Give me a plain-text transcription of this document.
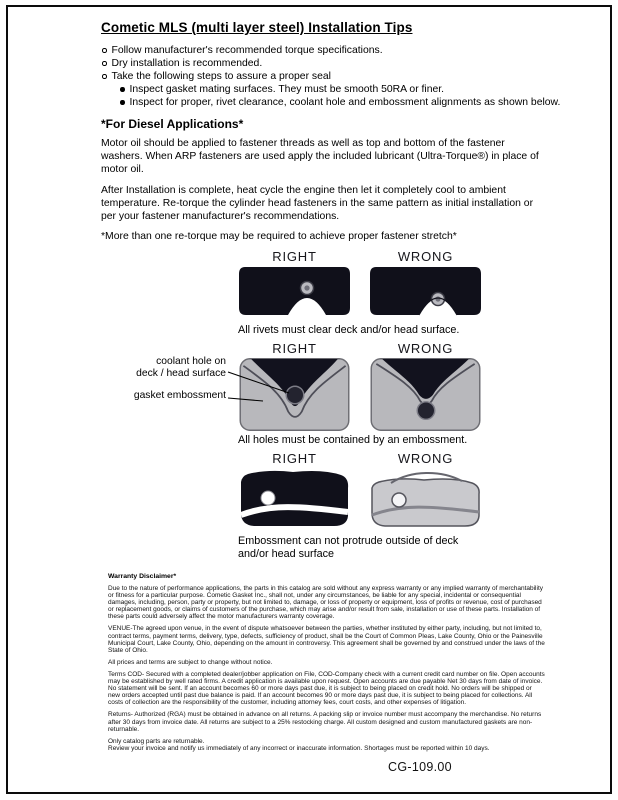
Cometic MLS (multi layer steel) Installation Tips
Follow manufacturer's recommended torque specifications.
Dry installation is recommended.
Take the following steps to assure a proper seal
Inspect gasket mating surfaces. They must be smooth 50RA or finer.
Inspect for proper, rivet clearance, coolant hole and embossment alignments as shown below.
*For Diesel Applications*

Motor oil should be applied to fastener threads as well as top and bottom of the fastener washers. When ARP fasteners are used apply the included lubricant (Ultra-Torque®) in place of motor oil.

After Installation is complete, heat cycle the engine then let it completely cool to ambient temperature. Re-torque the cylinder head fasteners in the same pattern as initial installation or per your fastener manufacturer's recommendations.

*More than one re-torque may be required to achieve proper fastener stretch*

RIGHT	WRONG
All rivets must clear deck and/or head surface.
RIGHT	WRONG
coolant hole on
deck / head surface
gasket embossment
All holes must be contained by an embossment.
RIGHT	WRONG
Embossment can not protrude outside of deck and/or head surface
Warranty Disclaimer*

Due to the nature of performance applications, the parts in this catalog are sold without any express warranty or any implied warranty of merchantability or fitness for a particular purpose. Cometic Gasket Inc., shall not, under any circumstances, be liable for any special, incidental or consequential damages, including, person, party or property, but not limited to, damage, or loss of property or equipment, loss of profits or revenue, cost of purchased or replacement goods, or claims of customers of the purchase, which may arise and/or result from sale, installation or use of these parts. Installation of these parts could adversely affect the motor manufacturers warranty coverage.

VENUE-The agreed upon venue, in the event of dispute whatsoever between the parties, whether instituted by either party, including, but not limited to, contract terms, payment terms, delivery, type, defects, sufficiency of product, shall be the Court of Common Pleas, Lake County, Ohio or the Painesville Municipal Court, Lake County, Ohio, depending on the amount in controversy. This agreement shall be governed by and construed under the laws of the State of Ohio.

All prices and terms are subject to change without notice.

Terms COD- Secured with a completed dealer/jobber application on File, COD-Company check with a current credit card number on file. Open accounts may be established by well rated firms. A credit application is available upon request. Open accounts are due payable Net 30 days from date of invoice. No statement will be sent. If an account becomes 60 or more days past due, it is subject to being placed on credit hold. No orders will be shipped or new orders accepted until past due balance is paid. If an account becomes 90 or more days past due, it is subject to being placed for collections. All costs of collection are the responsibility of the customer, including attorney fees, court costs, and other expenses of litigation.

Returns- Authorized (RGA) must be obtained in advance on all returns. A packing slip or invoice number must accompany the merchandise. No returns after 30 days from invoice date. All returns are subject to a 25% restocking charge. All custom designed and custom manufactured gaskets are non-returnable.

Only catalog parts are returnable.

Review your invoice and notify us immediately of any incorrect or inaccurate information. Shortages must be reported within 10 days.

CG-109.00
